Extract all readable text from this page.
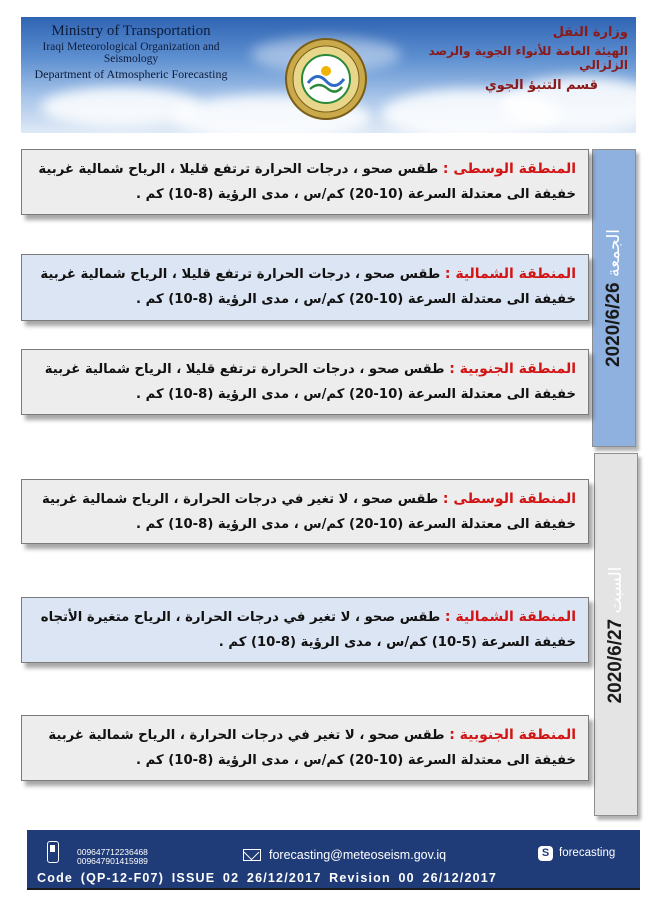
Ministry of Transportation
Iraqi Meteorological Organization and Seismology
Department of Atmospheric Forecasting
وزارة النقل
الهيئة العامة للأنواء الجوية والرصد الزلزالي
قسم التنبؤ الجوي
الجمعة 2020/6/26
المنطقة الوسطى : طقس صحو ، درجات الحرارة ترتفع قليلا ، الرياح شمالية غربية خفيفة الى معتدلة السرعة (10-20) كم/س ، مدى الرؤية (8-10) كم .
المنطقة الشمالية : طقس صحو ، درجات الحرارة ترتفع قليلا ، الرياح شمالية غربية خفيفة الى معتدلة السرعة (10-20) كم/س ، مدى الرؤية (8-10) كم .
المنطقة الجنوبية : طقس صحو ، درجات الحرارة ترتفع قليلا ، الرياح شمالية غربية خفيفة الى معتدلة السرعة (10-20) كم/س ، مدى الرؤية (8-10) كم .
السبت 2020/6/27
المنطقة الوسطى : طقس صحو ، لا تغير في درجات الحرارة ، الرياح شمالية غربية خفيفة الى معتدلة السرعة (10-20) كم/س ، مدى الرؤية (8-10) كم .
المنطقة الشمالية : طقس صحو ، لا تغير في درجات الحرارة ، الرياح متغيرة الأتجاه خفيفة السرعة (5-10) كم/س ، مدى الرؤية (8-10) كم .
المنطقة الجنوبية : طقس صحو ، لا تغير في درجات الحرارة ، الرياح شمالية غربية خفيفة الى معتدلة السرعة (10-20) كم/س ، مدى الرؤية (8-10) كم .
009647712236468
009647901415989	forecasting@meteoseism.gov.iq	S forecasting
Code (QP-12-F07) ISSUE 02 26/12/2017 Revision 00 26/12/2017
